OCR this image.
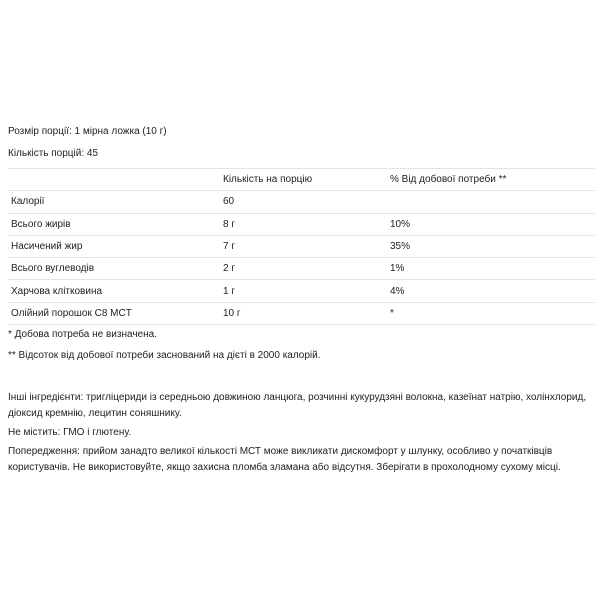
Розмір порції: 1 мірна ложка (10 г)
Кількість порцій: 45
	Кількість на порцію	% Від добової потреби **
Калорії	60	
Всього жирів	8 г	10%
Насичений жир	7 г	35%
Всього вуглеводів	2 г	1%
Харчова клітковина	1 г	4%
Олійний порошок C8 MCT	10 г	*
* Добова потреба не визначена.
** Відсоток від добової потреби заснований на дієті в 2000 калорій.
Інші інгредієнти: тригліцериди із середньою довжиною ланцюга, розчинні кукурудзяні волокна, казеїнат натрію, холінхлорид, діоксид кремнію, лецитин соняшнику.
Не містить: ГМО і глютену.
Попередження: прийом занадто великої кількості МСТ може викликати дискомфорт у шлунку, особливо у початківців користувачів. Не використовуйте, якщо захисна пломба зламана або відсутня. Зберігати в прохолодному сухому місці.
